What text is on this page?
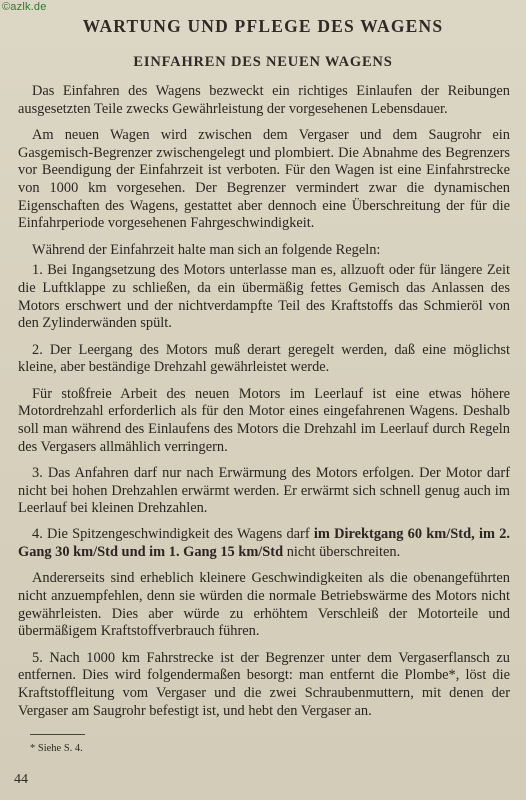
©azlk.de
WARTUNG UND PFLEGE DES WAGENS
EINFAHREN DES NEUEN WAGENS

Das Einfahren des Wagens bezweckt ein richtiges Einlaufen der Reibungen ausgesetzten Teile zwecks Gewährleistung der vorgesehenen Lebensdauer.

Am neuen Wagen wird zwischen dem Vergaser und dem Saugrohr ein Gasgemisch-Begrenzer zwischengelegt und plombiert. Die Abnahme des Begrenzers vor Beendigung der Einfahrzeit ist verboten. Für den Wagen ist eine Einfahrstrecke von 1000 km vorgesehen. Der Begrenzer vermindert zwar die dynamischen Eigenschaften des Wagens, gestattet aber dennoch eine Überschreitung der für die Einfahrperiode vorgesehenen Fahrgeschwindigkeit.

Während der Einfahrzeit halte man sich an folgende Regeln:

1. Bei Ingangsetzung des Motors unterlasse man es, allzuoft oder für längere Zeit die Luftklappe zu schließen, da ein übermäßig fettes Gemisch das Anlassen des Motors erschwert und der nichtverdampfte Teil des Kraftstoffs das Schmieröl von den Zylinderwänden spült.

2. Der Leergang des Motors muß derart geregelt werden, daß eine möglichst kleine, aber beständige Drehzahl gewährleistet werde.

Für stoßfreie Arbeit des neuen Motors im Leerlauf ist eine etwas höhere Motordrehzahl erforderlich als für den Motor eines eingefahrenen Wagens. Deshalb soll man während des Einlaufens des Motors die Drehzahl im Leerlauf durch Regeln des Vergasers allmählich verringern.

3. Das Anfahren darf nur nach Erwärmung des Motors erfolgen. Der Motor darf nicht bei hohen Drehzahlen erwärmt werden. Er erwärmt sich schnell genug auch im Leerlauf bei kleinen Drehzahlen.

4. Die Spitzengeschwindigkeit des Wagens darf im Direktgang 60 km/Std, im 2. Gang 30 km/Std und im 1. Gang 15 km/Std nicht überschreiten.

Andererseits sind erheblich kleinere Geschwindigkeiten als die obenangeführten nicht anzuempfehlen, denn sie würden die normale Betriebswärme des Motors nicht gewährleisten. Dies aber würde zu erhöhtem Verschleiß der Motorteile und übermäßigem Kraftstoffverbrauch führen.

5. Nach 1000 km Fahrstrecke ist der Begrenzer unter dem Vergaserflansch zu entfernen. Dies wird folgendermaßen besorgt: man entfernt die Plombe*, löst die Kraftstoffleitung vom Vergaser und die zwei Schraubenmuttern, mit denen der Vergaser am Saugrohr befestigt ist, und hebt den Vergaser an.

* Siehe S. 4.
44
